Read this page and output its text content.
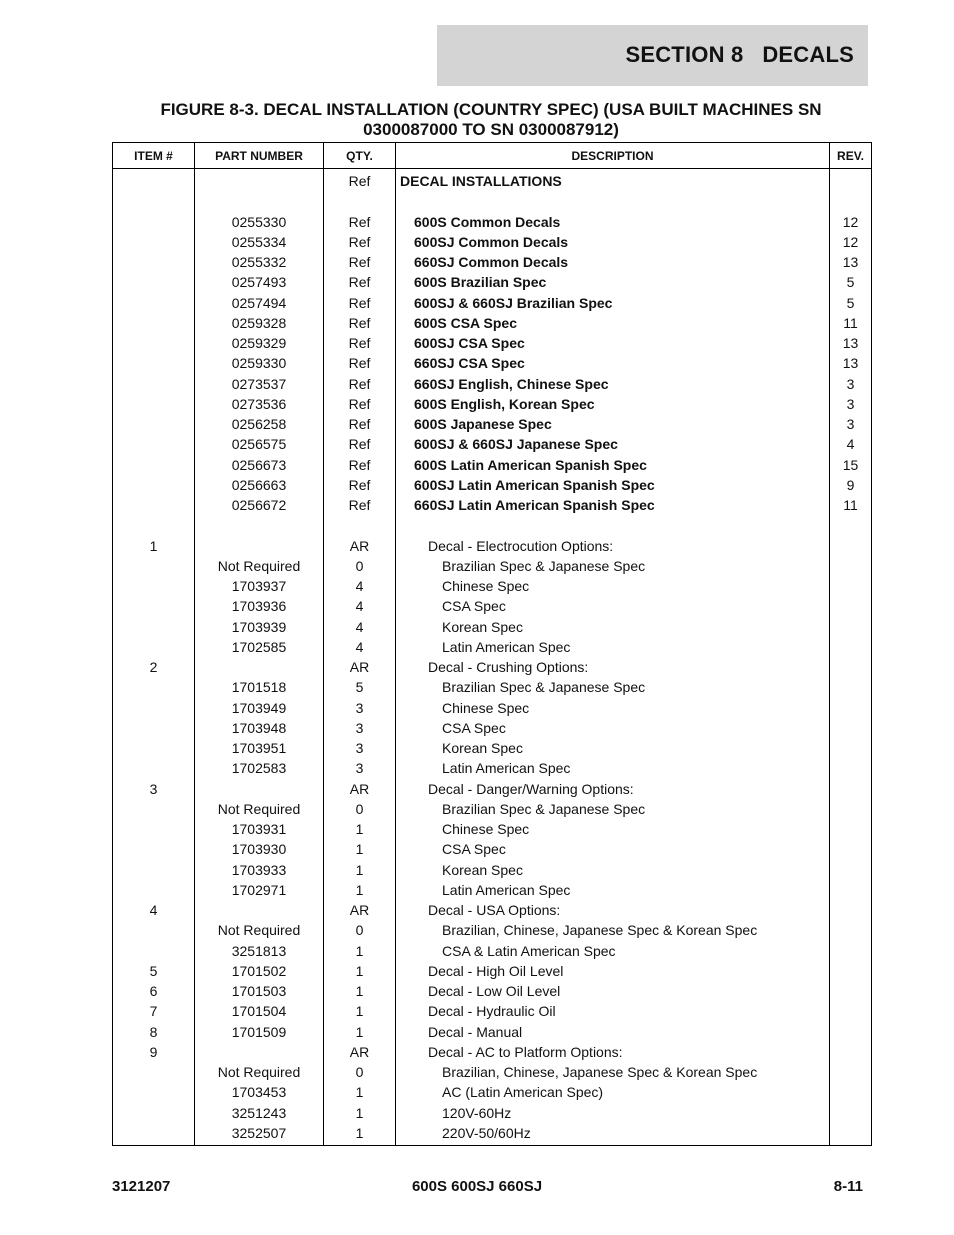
SECTION 8   DECALS
FIGURE 8-3. DECAL INSTALLATION (COUNTRY SPEC) (USA BUILT MACHINES SN
0300087000 TO SN 0300087912)
ITEM #	PART NUMBER	QTY.	DESCRIPTION	REV.
		Ref	DECAL INSTALLATIONS	

	0255330	Ref	600S Common Decals	12
	0255334	Ref	600SJ Common Decals	12
	0255332	Ref	660SJ Common Decals	13
	0257493	Ref	600S Brazilian Spec	5
	0257494	Ref	600SJ & 660SJ Brazilian Spec	5
	0259328	Ref	600S CSA Spec	11
	0259329	Ref	600SJ CSA Spec	13
	0259330	Ref	660SJ CSA Spec	13
	0273537	Ref	660SJ English, Chinese Spec	3
	0273536	Ref	600S English, Korean Spec	3
	0256258	Ref	600S Japanese Spec	3
	0256575	Ref	600SJ & 660SJ Japanese Spec	4
	0256673	Ref	600S Latin American Spanish Spec	15
	0256663	Ref	600SJ Latin American Spanish Spec	9
	0256672	Ref	660SJ Latin American Spanish Spec	11

1		AR	Decal - Electrocution Options:	
	Not Required	0	Brazilian Spec & Japanese Spec	
	1703937	4	Chinese Spec	
	1703936	4	CSA Spec	
	1703939	4	Korean Spec	
	1702585	4	Latin American Spec	
2		AR	Decal - Crushing Options:	
	1701518	5	Brazilian Spec & Japanese Spec	
	1703949	3	Chinese Spec	
	1703948	3	CSA Spec	
	1703951	3	Korean Spec	
	1702583	3	Latin American Spec	
3		AR	Decal - Danger/Warning Options:	
	Not Required	0	Brazilian Spec & Japanese Spec	
	1703931	1	Chinese Spec	
	1703930	1	CSA Spec	
	1703933	1	Korean Spec	
	1702971	1	Latin American Spec	
4		AR	Decal - USA Options:	
	Not Required	0	Brazilian, Chinese, Japanese Spec & Korean Spec	
	3251813	1	CSA & Latin American Spec	
5	1701502	1	Decal - High Oil Level	
6	1701503	1	Decal - Low Oil Level	
7	1701504	1	Decal - Hydraulic Oil	
8	1701509	1	Decal - Manual	
9		AR	Decal - AC to Platform Options:	
	Not Required	0	Brazilian, Chinese, Japanese Spec & Korean Spec	
	1703453	1	AC (Latin American Spec)	
	3251243	1	120V-60Hz	
	3252507	1	220V-50/60Hz	
3121207	600S 600SJ 660SJ	8-11
